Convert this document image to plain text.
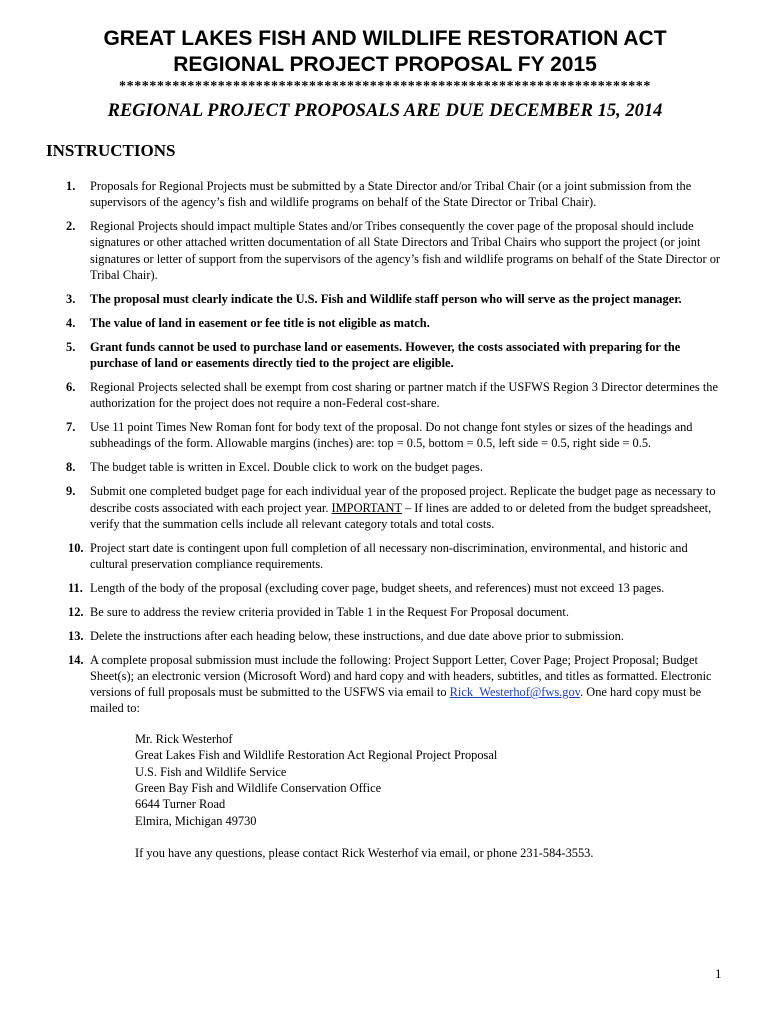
GREAT LAKES FISH AND WILDLIFE RESTORATION ACT
REGIONAL PROJECT PROPOSAL FY 2015
**********************************************************************
REGIONAL PROJECT PROPOSALS ARE DUE DECEMBER 15, 2014
INSTRUCTIONS
1.	Proposals for Regional Projects must be submitted by a State Director and/or Tribal Chair (or a joint submission from the supervisors of the agency’s fish and wildlife programs on behalf of the State Director or Tribal Chair).
2.	Regional Projects should impact multiple States and/or Tribes consequently the cover page of the proposal should include signatures or other attached written documentation of all State Directors and Tribal Chairs who support the project (or joint signatures or letter of support from the supervisors of the agency’s fish and wildlife programs on behalf of the State Director or Tribal Chair).
3.	The proposal must clearly indicate the U.S. Fish and Wildlife staff person who will serve as the project manager.
4.	The value of land in easement or fee title is not eligible as match.
5.	Grant funds cannot be used to purchase land or easements. However, the costs associated with preparing for the purchase of land or easements directly tied to the project are eligible.
6.	Regional Projects selected shall be exempt from cost sharing or partner match if the USFWS Region 3 Director determines the authorization for the project does not require a non-Federal cost-share.
7.	Use 11 point Times New Roman font for body text of the proposal. Do not change font styles or sizes of the headings and subheadings of the form. Allowable margins (inches) are: top = 0.5, bottom = 0.5, left side = 0.5, right side = 0.5.
8.	The budget table is written in Excel. Double click to work on the budget pages.
9.	Submit one completed budget page for each individual year of the proposed project. Replicate the budget page as necessary to describe costs associated with each project year. IMPORTANT – If lines are added to or deleted from the budget spreadsheet, verify that the summation cells include all relevant category totals and total costs.
10. Project start date is contingent upon full completion of all necessary non-discrimination, environmental, and historic and cultural preservation compliance requirements.
11. Length of the body of the proposal (excluding cover page, budget sheets, and references) must not exceed 13 pages.
12. Be sure to address the review criteria provided in Table 1 in the Request For Proposal document.
13. Delete the instructions after each heading below, these instructions, and due date above prior to submission.
14. A complete proposal submission must include the following: Project Support Letter, Cover Page; Project Proposal; Budget Sheet(s); an electronic version (Microsoft Word) and hard copy and with headers, subtitles, and titles as formatted. Electronic versions of full proposals must be submitted to the USFWS via email to Rick_Westerhof@fws.gov. One hard copy must be mailed to:
Mr. Rick Westerhof
Great Lakes Fish and Wildlife Restoration Act Regional Project Proposal
U.S. Fish and Wildlife Service
Green Bay Fish and Wildlife Conservation Office
6644 Turner Road
Elmira, Michigan 49730
If you have any questions, please contact Rick Westerhof via email, or phone 231-584-3553.
1
